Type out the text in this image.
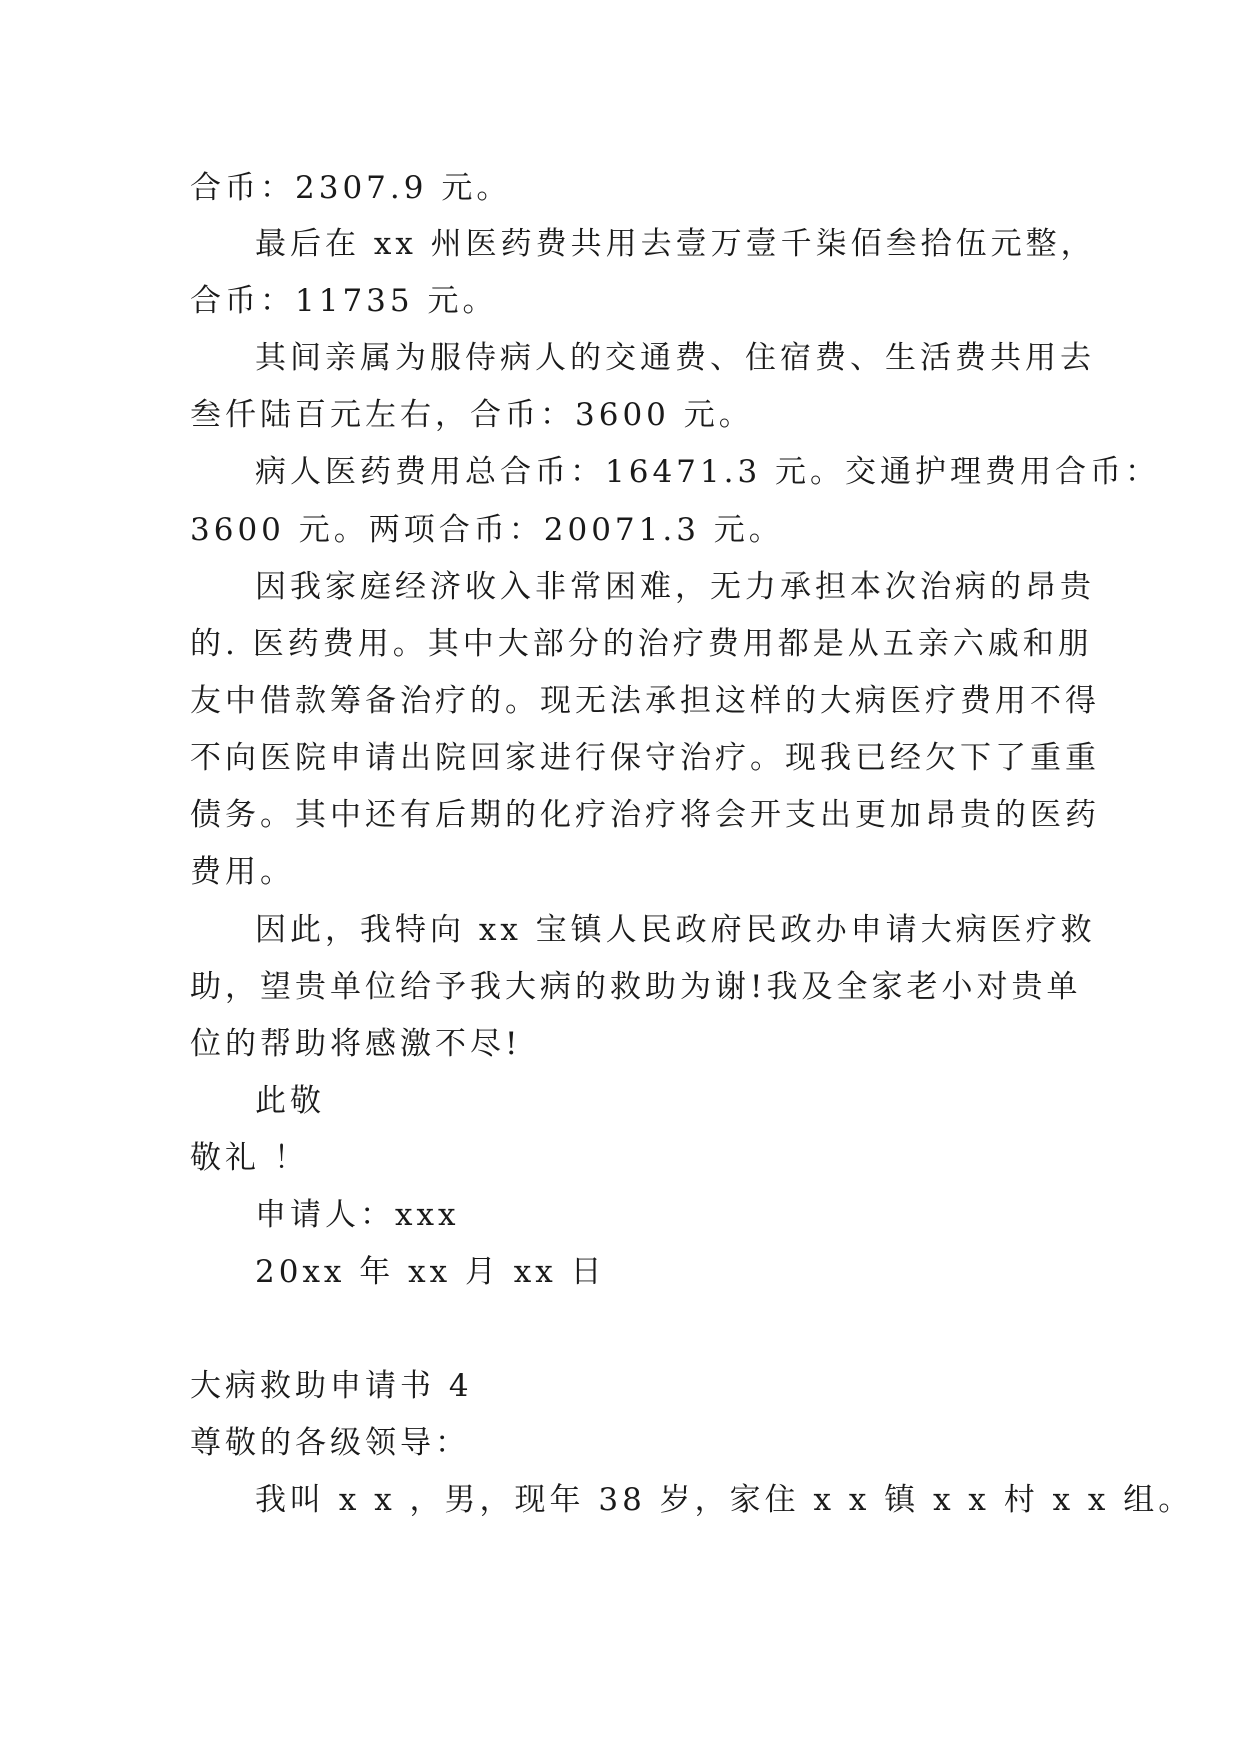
合币：2307.9 元。
最后在 xx 州医药费共用去壹万壹千柒佰叁拾伍元整，
合币：11735 元。
其间亲属为服侍病人的交通费、住宿费、生活费共用去
叁仟陆百元左右，合币：3600 元。
病人医药费用总合币：16471.3 元。交通护理费用合币：
3600 元。两项合币：20071.3 元。
因我家庭经济收入非常困难，无力承担本次治病的昂贵
的. 医药费用。其中大部分的治疗费用都是从五亲六戚和朋
友中借款筹备治疗的。现无法承担这样的大病医疗费用不得
不向医院申请出院回家进行保守治疗。现我已经欠下了重重
债务。其中还有后期的化疗治疗将会开支出更加昂贵的医药
费用。
因此，我特向 xx 宝镇人民政府民政办申请大病医疗救
助，望贵单位给予我大病的救助为谢!我及全家老小对贵单
位的帮助将感激不尽!
此敬
敬礼 ！
申请人：xxx
20xx 年 xx 月 xx 日
大病救助申请书 4
尊敬的各级领导：
我叫 x x ，男，现年 38 岁，家住 x x 镇 x x 村 x x 组。
